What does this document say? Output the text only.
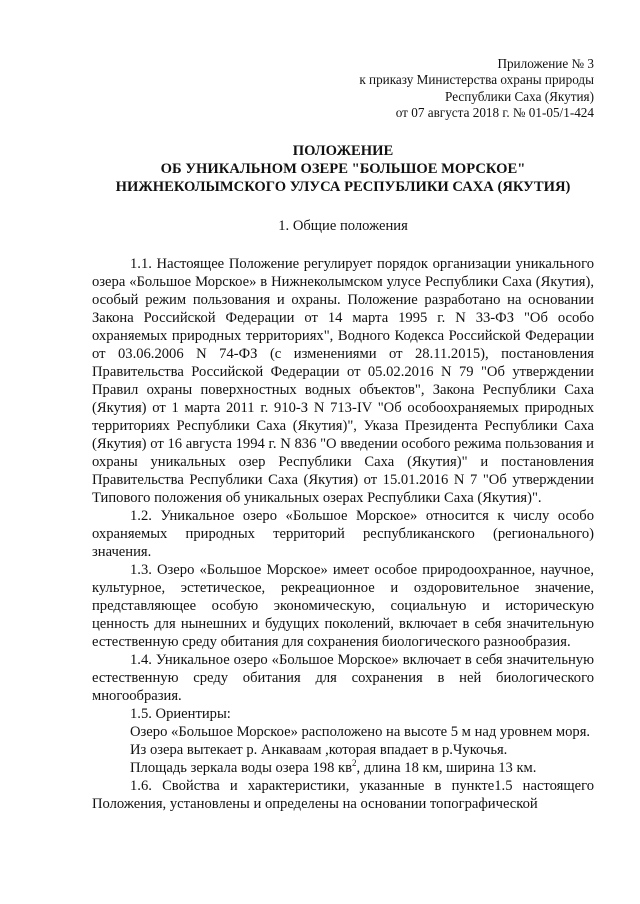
Приложение № 3
к приказу Министерства охраны природы
Республики Саха (Якутия)
от 07 августа 2018 г. № 01-05/1-424
ПОЛОЖЕНИЕ
ОБ УНИКАЛЬНОМ ОЗЕРЕ "БОЛЬШОЕ МОРСКОЕ"
НИЖНЕКОЛЫМСКОГО УЛУСА РЕСПУБЛИКИ САХА (ЯКУТИЯ)
1. Общие положения

1.1. Настоящее Положение регулирует порядок организации уникального озера «Большое Морское» в Нижнеколымском улусе Республики Саха (Якутия), особый режим пользования и охраны. Положение разработано на основании Закона Российской Федерации от 14 марта 1995 г. N 33-ФЗ "Об особо охраняемых природных территориях", Водного Кодекса Российской Федерации от 03.06.2006 N 74-ФЗ (с изменениями от 28.11.2015), постановления Правительства Российской Федерации от 05.02.2016 N 79 "Об утверждении Правил охраны поверхностных водных объектов", Закона Республики Саха (Якутия) от 1 марта 2011 г. 910-З N 713-IV "Об особоохраняемых природных территориях Республики Саха (Якутия)", Указа Президента Республики Саха (Якутия) от 16 августа 1994 г. N 836 "О введении особого режима пользования и охраны уникальных озер Республики Саха (Якутия)" и постановления Правительства Республики Саха (Якутия) от 15.01.2016 N 7 "Об утверждении Типового положения об уникальных озерах Республики Саха (Якутия)".

1.2. Уникальное озеро «Большое Морское» относится к числу особо охраняемых природных территорий республиканского (регионального) значения.

1.3. Озеро «Большое Морское» имеет особое природоохранное, научное, культурное, эстетическое, рекреационное и оздоровительное значение, представляющее особую экономическую, социальную и историческую ценность для нынешних и будущих поколений, включает в себя значительную естественную среду обитания для сохранения биологического разнообразия.

1.4. Уникальное озеро «Большое Морское» включает в себя значительную естественную среду обитания для сохранения в ней биологического многообразия.

1.5. Ориентиры:

Озеро «Большое Морское» расположено на высоте 5 м над уровнем моря.

Из озера вытекает р. Анкаваам ,которая впадает в р.Чукочья.

Площадь зеркала воды озера 198 $кв^2$, длина 18 км, ширина 13 км.

1.6. Свойства и характеристики, указанные в пункте1.5 настоящего Положения, установлены и определены на основании топографической
